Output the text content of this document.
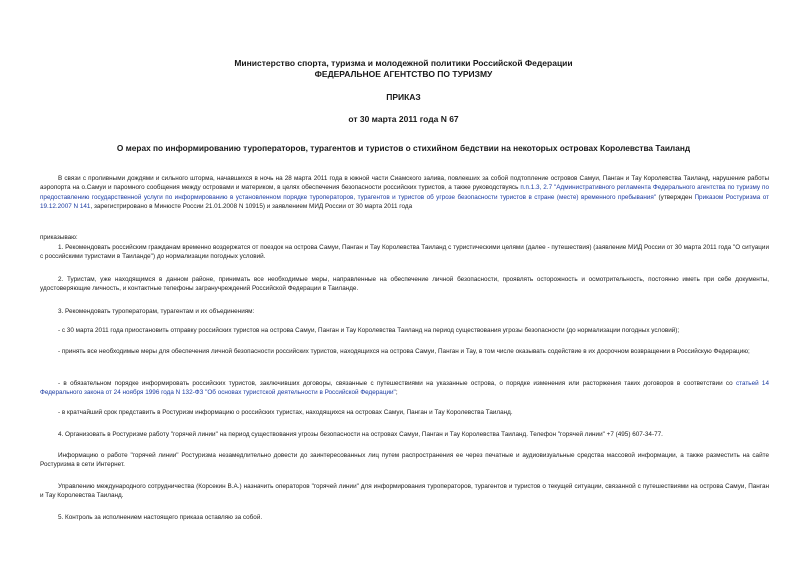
Министерство спорта, туризма и молодежной политики Российской Федерации
ФЕДЕРАЛЬНОЕ АГЕНТСТВО ПО ТУРИЗМУ
ПРИКАЗ
от 30 марта 2011 года N 67
О мерах по информированию туроператоров, турагентов и туристов о стихийном бедствии на некоторых островах Королевства Таиланд

В связи с проливными дождями и сильного шторма, начавшихся в ночь на 28 марта 2011 года в южной части Сиамского залива, повлекших за собой подтопление островов Самуи, Панган и Тау Королевства Таиланд, нарушение работы аэропорта на о.Самуи и паромного сообщения между островами и материком, в целях обеспечения безопасности российских туристов, а также руководствуясь п.п.1.3, 2.7 "Административного регламента Федерального агентства по туризму по предоставлению государственной услуги по информированию в установленном порядке туроператоров, турагентов и туристов об угрозе безопасности туристов в стране (месте) временного пребывания" (утвержден Приказом Ростуризма от 19.12.2007 N 141, зарегистрировано в Минюсте России 21.01.2008 N 10915) и заявлением МИД России от 30 марта 2011 года

приказываю:

1. Рекомендовать российским гражданам временно воздержатся от поездок на острова Самуи, Панган и Тау Королевства Таиланд с туристическими целями (далее - путешествия) (заявление МИД России от 30 марта 2011 года "О ситуации с российскими туристами в Таиланде") до нормализации погодных условий.

2. Туристам, уже находящимся в данном районе, принимать все необходимые меры, направленные на обеспечение личной безопасности, проявлять осторожность и осмотрительность, постоянно иметь при себе документы, удостоверяющие личность, и контактные телефоны загранучреждений Российской Федерации в Таиланде.

3. Рекомендовать туроператорам, турагентам и их объединениям:

- с 30 марта 2011 года приостановить отправку российских туристов на острова Самуи, Панган и Тау Королевства Таиланд на период существования угрозы безопасности (до нормализации погодных условий);

- принять все необходимые меры для обеспечения личной безопасности российских туристов, находящихся на острова Самуи, Панган и Тау, в том числе оказывать содействие в их досрочном возвращении в Российскую Федерацию;

- в обязательном порядке информировать российских туристов, заключивших договоры, связанные с путешествиями на указанные острова, о порядке изменения или расторжения таких договоров в соответствии со статьей 14 Федерального закона от 24 ноября 1996 года N 132-ФЗ "Об основах туристской деятельности в Российской Федерации";

- в кратчайший срок представить в Ростуризм информацию о российских туристах, находящихся на островах Самуи, Панган и Тау Королевства Таиланд.

4. Организовать в Ростуризме работу "горячей линии" на период существования угрозы безопасности на островах Самуи, Панган и Тау Королевства Таиланд. Телефон "горячей линии" +7 (495) 607-34-77.

Информацию о работе "горячей линии" Ростуризма незамедлительно довести до заинтересованных лиц путем распространения ее через печатные и аудиовизуальные средства массовой информации, а также разместить на сайте Ростуризма в сети Интернет.

Управлению международного сотрудничества (Корсекин В.А.) назначить операторов "горячей линии" для информирования туроператоров, турагентов и туристов о текущей ситуации, связанной с путешествиями на острова Самуи, Панган и Тау Королевства Таиланд.

5. Контроль за исполнением настоящего приказа оставляю за собой.
